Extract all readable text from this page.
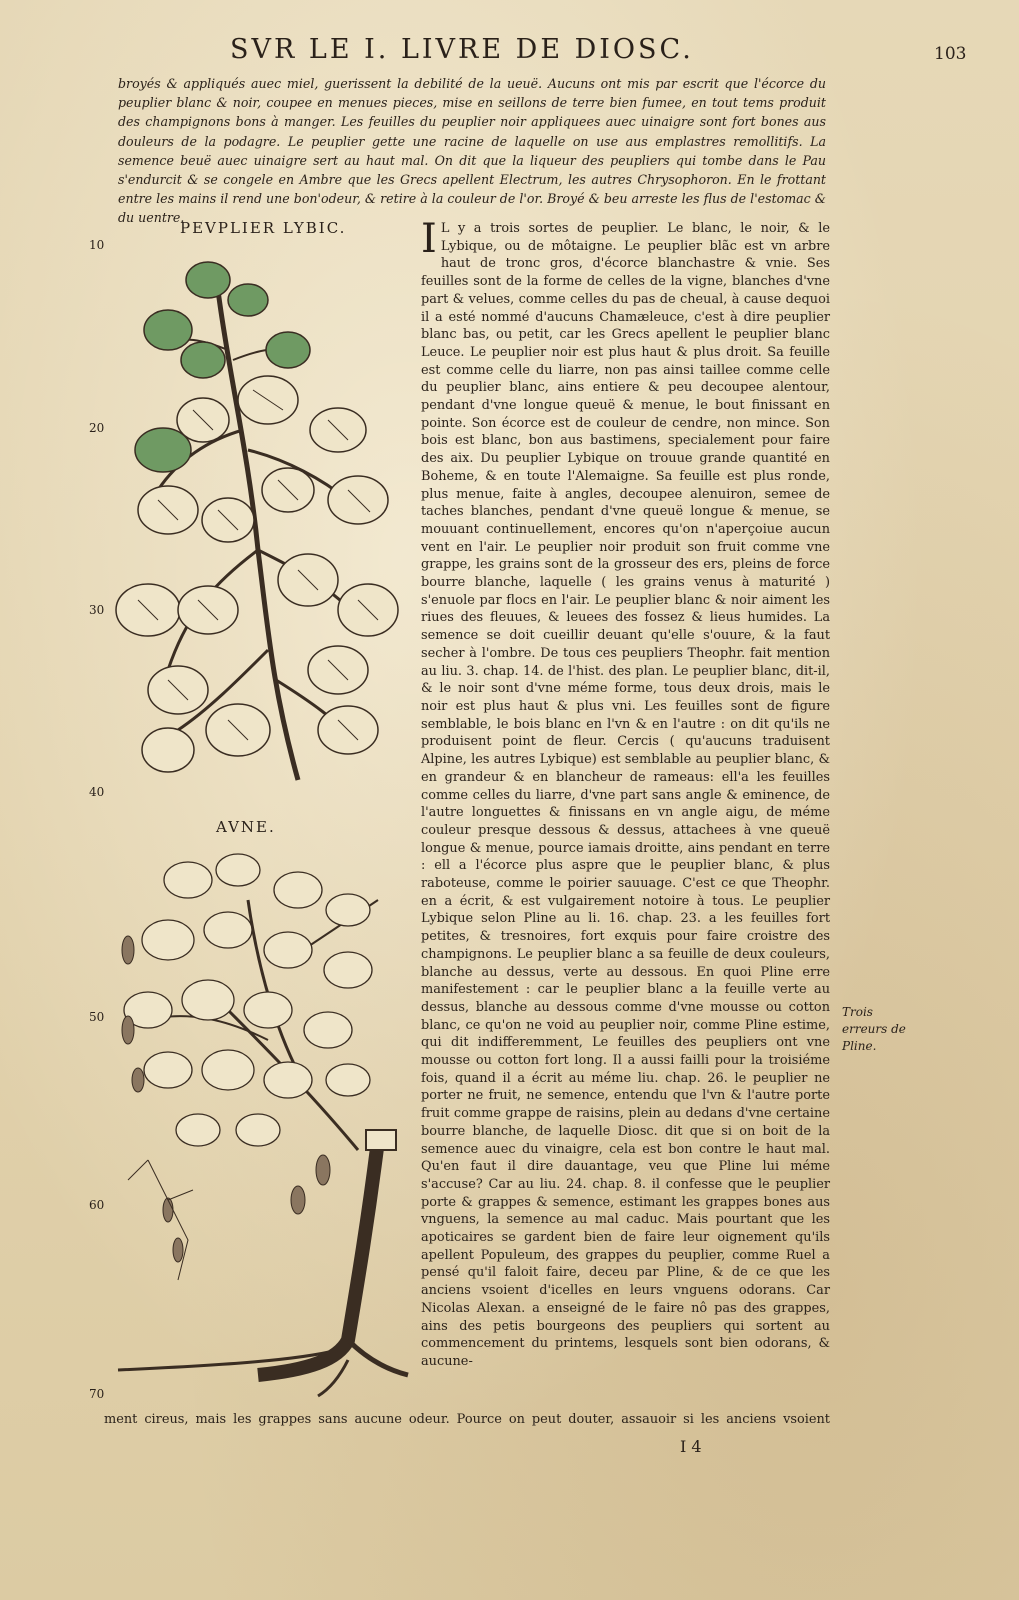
SVR LE I. LIVRE DE DIOSC.	103
broyés & appliqués auec miel, guerissent la debilité de la ueuë. Aucuns ont mis par escrit que l'écorce du peuplier blanc & noir, coupee en menues pieces, mise en seillons de terre bien fumee, en tout tems produit des champignons bons à manger. Les feuilles du peuplier noir appliquees auec uinaigre sont fort bones aus douleurs de la podagre. Le peuplier gette une racine de laquelle on use aus emplastres remollitifs. La semence beuë auec uinaigre sert au haut mal. On dit que la liqueur des peupliers qui tombe dans le Pau s'endurcit & se congele en Ambre que les Grecs apellent Electrum, les autres Chrysophoron. En le frottant entre les mains il rend une bon'odeur, & retire à la couleur de l'or. Broyé & beu arreste les flus de l'estomac & du uentre.
PEVPLIER LYBIC.
AVNE.
10
20
30
40
50
60
70
I L y a trois sortes de peuplier. Le blanc, le noir, & le Lybique, ou de môtaigne. Le peuplier blãc est vn arbre haut de tronc gros, d'écorce blanchastre & vnie. Ses feuilles sont de la forme de celles de la vigne, blanches d'vne part & velues, comme celles du pas de cheual, à cause dequoi il a esté nommé d'aucuns Chamæleuce, c'est à dire peuplier blanc bas, ou petit, car les Grecs apellent le peuplier blanc Leuce. Le peuplier noir est plus haut & plus droit. Sa feuille est comme celle du liarre, non pas ainsi taillee comme celle du peuplier blanc, ains entiere & peu decoupee alentour, pendant d'vne longue queuë & menue, le bout finissant en pointe. Son écorce est de couleur de cendre, non mince. Son bois est blanc, bon aus bastimens, specialement pour faire des aix. Du peuplier Lybique on trouue grande quantité en Boheme, & en toute l'Alemaigne. Sa feuille est plus ronde, plus menue, faite à angles, decoupee alenuiron, semee de taches blanches, pendant d'vne queuë longue & menue, se mouuant continuellement, encores qu'on n'aperçoiue aucun vent en l'air. Le peuplier noir produit son fruit comme vne grappe, les grains sont de la grosseur des ers, pleins de force bourre blanche, laquelle ( les grains venus à maturité ) s'enuole par flocs en l'air. Le peuplier blanc & noir aiment les riues des fleuues, & leuees des fossez & lieus humides. La semence se doit cueillir deuant qu'elle s'ouure, & la faut secher à l'ombre. De tous ces peupliers Theophr. fait mention au liu. 3. chap. 14. de l'hist. des plan. Le peuplier blanc, dit-il, & le noir sont d'vne méme forme, tous deux drois, mais le noir est plus haut & plus vni. Les feuilles sont de figure semblable, le bois blanc en l'vn & en l'autre : on dit qu'ils ne produisent point de fleur. Cercis ( qu'aucuns traduisent Alpine, les autres Lybique) est semblable au peuplier blanc, & en grandeur & en blancheur de rameaus: ell'a les feuilles comme celles du liarre, d'vne part sans angle & eminence, de l'autre longuettes & finissans en vn angle aigu, de méme couleur presque dessous & dessus, attachees à vne queuë longue & menue, pource iamais droitte, ains pendant en terre : ell a l'écorce plus aspre que le peuplier blanc, & plus raboteuse, comme le poirier sauuage. C'est ce que Theophr. en a écrit, & est vulgairement notoire à tous. Le peuplier Lybique selon Pline au li. 16. chap. 23. a les feuilles fort petites, & tresnoires, fort exquis pour faire croistre des champignons. Le peuplier blanc a sa feuille de deux couleurs, blanche au dessus, verte au dessous. En quoi Pline erre manifestement : car le peuplier blanc a la feuille verte au dessus, blanche au dessous comme d'vne mousse ou cotton blanc, ce qu'on ne void au peuplier noir, comme Pline estime, qui dit indifferemment, Le feuilles des peupliers ont vne mousse ou cotton fort long. Il a aussi failli pour la troisiéme fois, quand il a écrit au méme liu. chap. 26. le peuplier ne porter ne fruit, ne semence, entendu que l'vn & l'autre porte fruit comme grappe de raisins, plein au dedans d'vne certaine bourre blanche, de laquelle Diosc. dit que si on boit de la semence auec du vinaigre, cela est bon contre le haut mal. Qu'en faut il dire dauantage, veu que Pline lui méme s'accuse? Car au liu. 24. chap. 8. il confesse que le peuplier porte & grappes & semence, estimant les grappes bones aus vnguens, la semence au mal caduc. Mais pourtant que les apoticaires se gardent bien de faire leur oignement qu'ils apellent Populeum, des grappes du peuplier, comme Ruel a pensé qu'il faloit faire, deceu par Pline, & de ce que les anciens vsoient d'icelles en leurs vnguens odorans. Car Nicolas Alexan. a enseigné de le faire nô pas des grappes, ains des petis bourgeons des peupliers qui sortent au commencement du printems, lesquels sont bien odorans, & aucune-
ment cireus, mais les grappes sans aucune odeur. Pource on peut douter, assauoir si les anciens vsoient
Trois erreurs de Pline.
I 4
